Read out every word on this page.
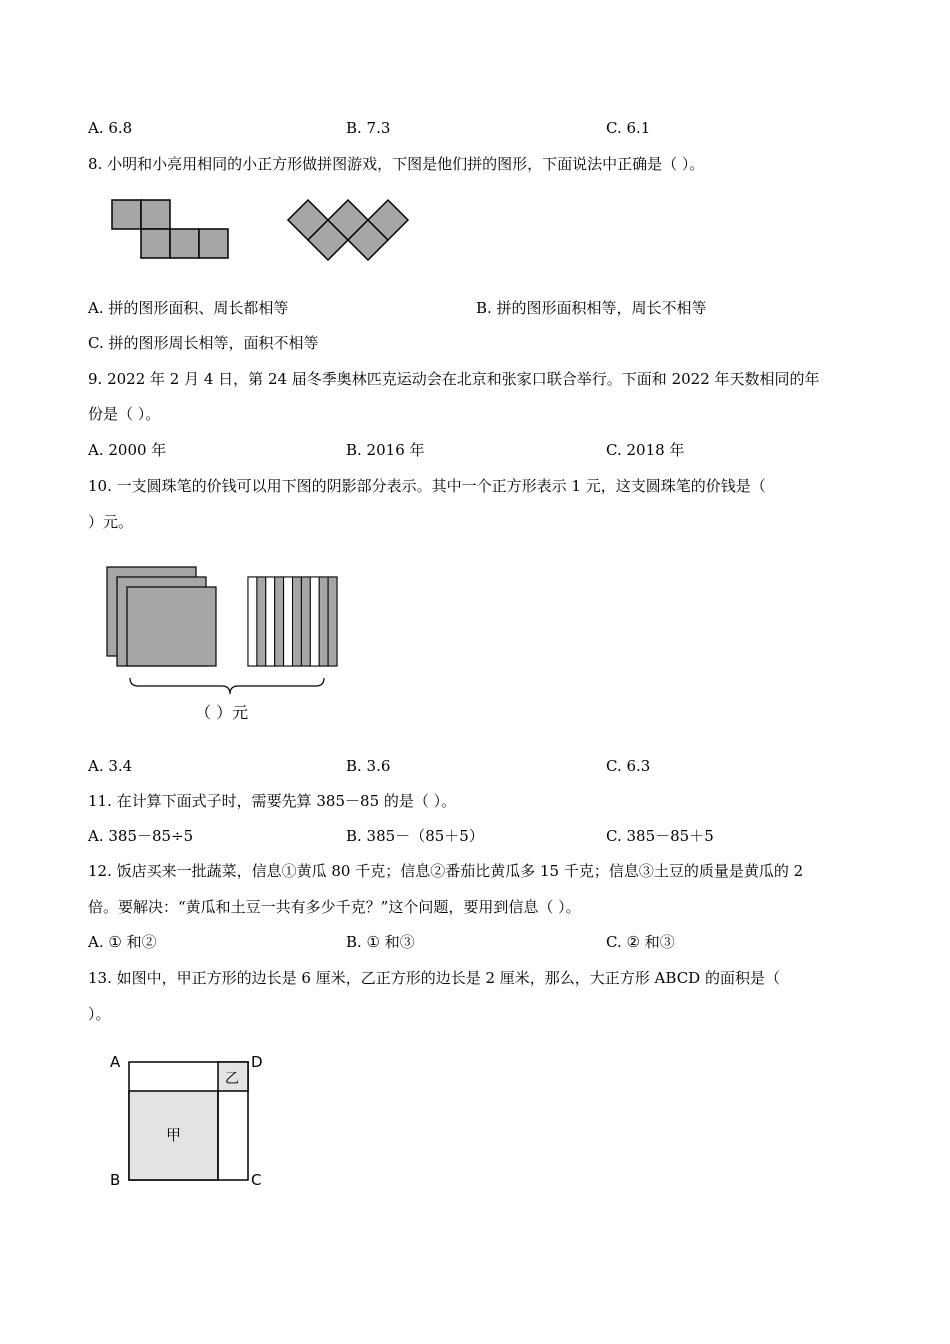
A. 6.8	B. 7.3	C. 6.1
8. 小明和小亮用相同的小正方形做拼图游戏，下图是他们拼的图形，下面说法中正确是（ ）。
A. 拼的图形面积、周长都相等	B. 拼的图形面积相等，周长不相等
C. 拼的图形周长相等，面积不相等
9. 2022 年 2 月 4 日，第 24 届冬季奥林匹克运动会在北京和张家口联合举行。下面和 2022 年天数相同的年
份是（ ）。
A. 2000 年	B. 2016 年	C. 2018 年
10. 一支圆珠笔的价钱可以用下图的阴影部分表示。其中一个正方形表示 1 元，这支圆珠笔的价钱是（
）元。
（ ）元
A. 3.4	B. 3.6	C. 6.3
11. 在计算下面式子时，需要先算 385－85 的是（ ）。
A. 385－85÷5	B. 385－（85＋5）	C. 385－85＋5
12. 饭店买来一批蔬菜，信息①黄瓜 80 千克；信息②番茄比黄瓜多 15 千克；信息③土豆的质量是黄瓜的 2
倍。要解决：“黄瓜和土豆一共有多少千克？”这个问题，要用到信息（ ）。
A. ① 和②	B. ① 和③	C. ② 和③
13. 如图中，甲正方形的边长是 6 厘米，乙正方形的边长是 2 厘米，那么，大正方形 ABCD 的面积是（
）。
A
B	C
D
甲
乙
